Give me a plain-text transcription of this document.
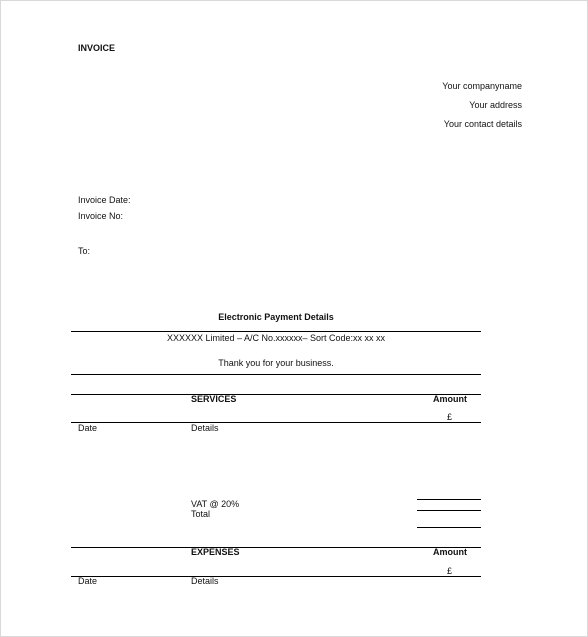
INVOICE
Your companyname
Your address
Your contact details
Invoice Date:
Invoice No:
To:
Electronic Payment Details
XXXXXX Limited – A/C No.xxxxxx– Sort Code:xx xx xx
Thank you for your business.
SERVICES	Amount
£
Date	Details
VAT @ 20%
Total
EXPENSES	Amount
£
Date	Details
